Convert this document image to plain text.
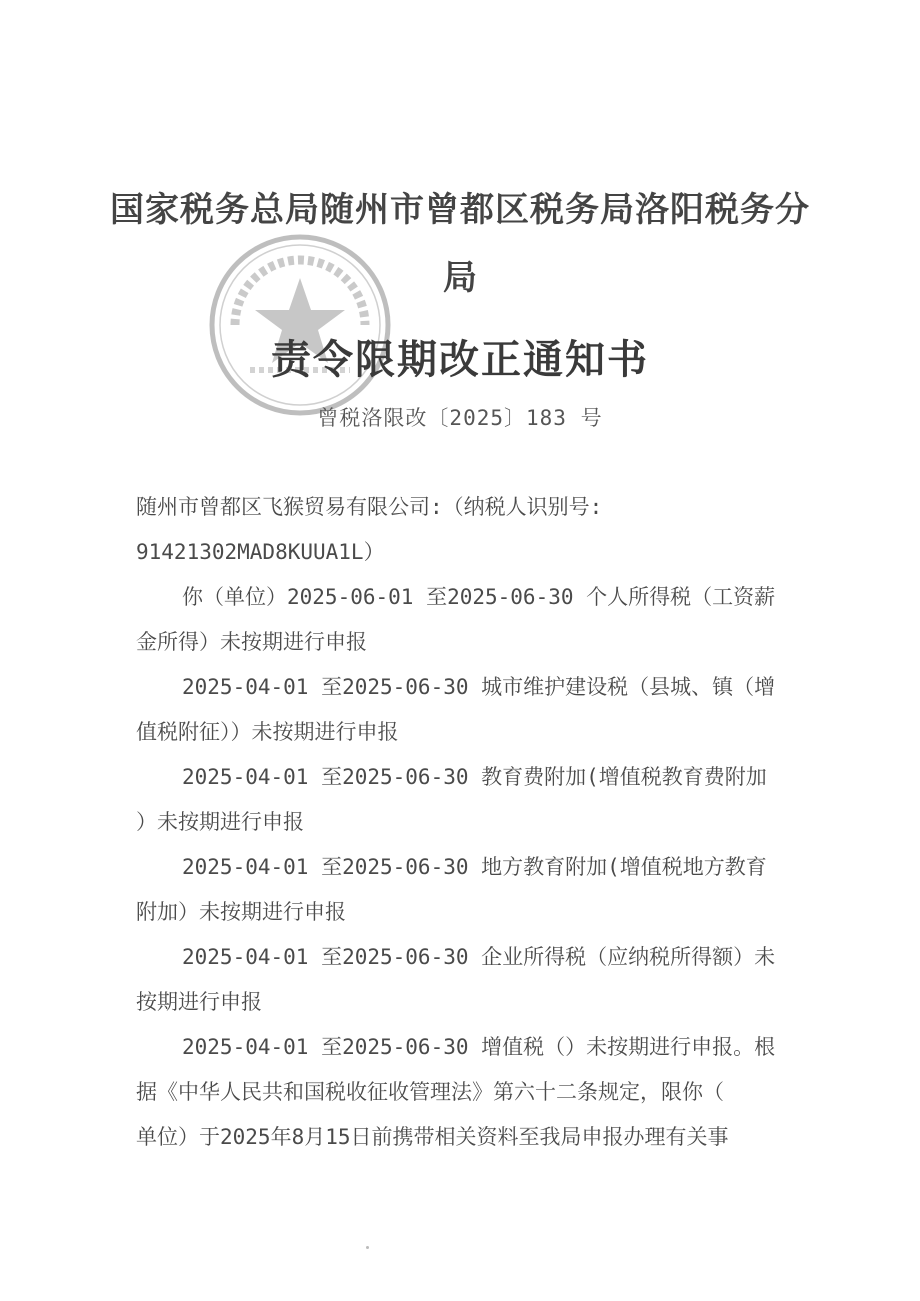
国家税务总局随州市曾都区税务局洛阳税务分
局
责令限期改正通知书
曾税洛限改〔2025〕183 号
随州市曾都区飞猴贸易有限公司:（纳税人识别号:
91421302MAD8KUUA1L）
你（单位）2025-06-01 至2025-06-30 个人所得税（工资薪
金所得）未按期进行申报
2025-04-01 至2025-06-30 城市维护建设税（县城、镇（增
值税附征））未按期进行申报
2025-04-01 至2025-06-30 教育费附加(增值税教育费附加
）未按期进行申报
2025-04-01 至2025-06-30 地方教育附加(增值税地方教育
附加）未按期进行申报
2025-04-01 至2025-06-30 企业所得税（应纳税所得额）未
按期进行申报
2025-04-01 至2025-06-30 增值税（）未按期进行申报。根
据《中华人民共和国税收征收管理法》第六十二条规定，限你（
单位）于2025年8月15日前携带相关资料至我局申报办理有关事
